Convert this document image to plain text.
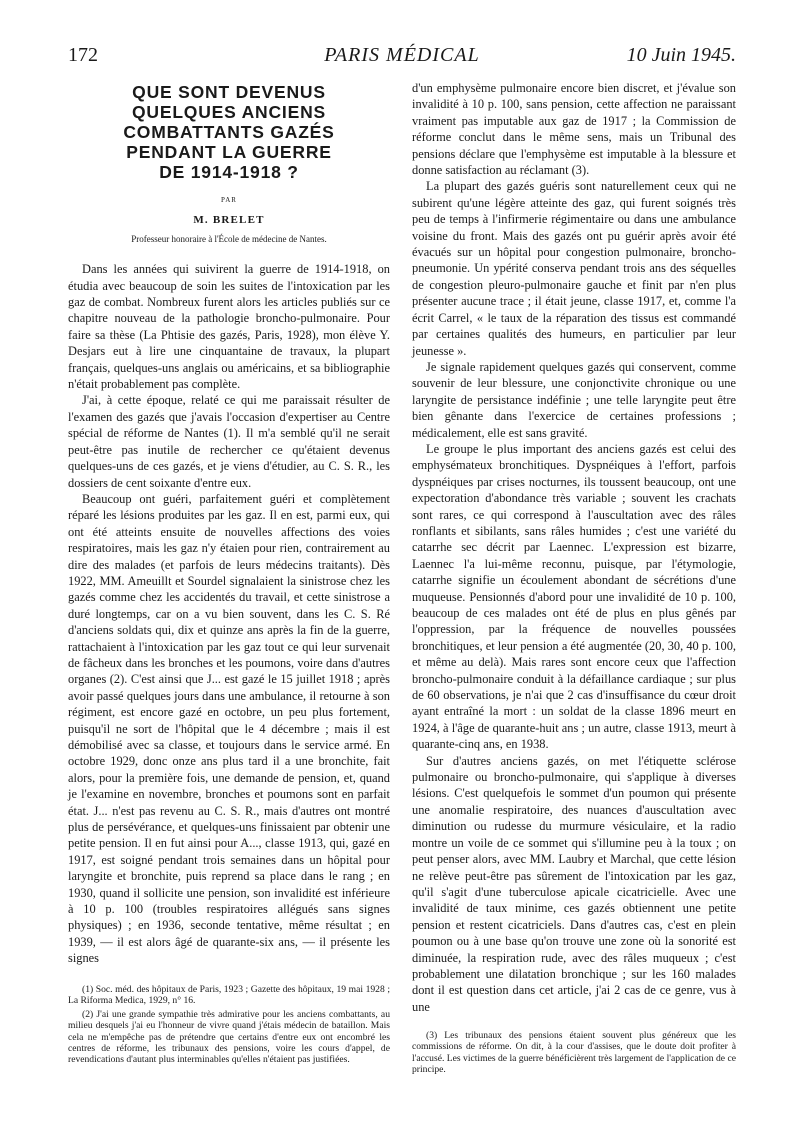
172	PARIS MÉDICAL	10 Juin 1945.
QUE SONT DEVENUS
QUELQUES ANCIENS
COMBATTANTS GAZÉS
PENDANT LA GUERRE
DE 1914-1918 ?
PAR
M. BRELET
Professeur honoraire à l'École de médecine de Nantes.

Dans les années qui suivirent la guerre de 1914-1918, on étudia avec beaucoup de soin les suites de l'intoxication par les gaz de combat. Nombreux furent alors les articles publiés sur ce chapitre nouveau de la pathologie broncho-pulmonaire. Pour faire sa thèse (La Phtisie des gazés, Paris, 1928), mon élève Y. Desjars eut à lire une cinquantaine de travaux, la plupart français, quelques-uns anglais ou américains, et sa bibliographie n'était probablement pas complète.

J'ai, à cette époque, relaté ce qui me paraissait résulter de l'examen des gazés que j'avais l'occasion d'expertiser au Centre spécial de réforme de Nantes (1). Il m'a semblé qu'il ne serait peut-être pas inutile de rechercher ce qu'étaient devenus quelques-uns de ces gazés, et je viens d'étudier, au C. S. R., les dossiers de cent soixante d'entre eux.

Beaucoup ont guéri, parfaitement guéri et complètement réparé les lésions produites par les gaz. Il en est, parmi eux, qui ont été atteints ensuite de nouvelles affections des voies respiratoires, mais les gaz n'y étaien pour rien, contrairement au dire des malades (et parfois de leurs médecins traitants). Dès 1922, MM. Ameuillt et Sourdel signalaient la sinistrose chez les gazés comme chez les accidentés du travail, et cette sinistrose a duré longtemps, car on a vu bien souvent, dans les C. S. Ré d'anciens soldats qui, dix et quinze ans après la fin de la guerre, rattachaient à l'intoxication par les gaz tout ce qui leur survenait de fâcheux dans les bronches et les poumons, voire dans d'autres organes (2). C'est ainsi que J... est gazé le 15 juillet 1918 ; après avoir passé quelques jours dans une ambulance, il retourne à son régiment, est encore gazé en octobre, un peu plus fortement, puisqu'il ne sort de l'hôpital que le 4 décembre ; mais il est démobilisé avec sa classe, et toujours dans le service armé. En octobre 1929, donc onze ans plus tard il a une bronchite, fait alors, pour la première fois, une demande de pension, et, quand je l'examine en novembre, bronches et poumons sont en parfait état. J... n'est pas revenu au C. S. R., mais d'autres ont montré plus de persévérance, et quelques-uns finissaient par obtenir une petite pension. Il en fut ainsi pour A..., classe 1913, qui, gazé en 1917, est soigné pendant trois semaines dans un hôpital pour laryngite et bronchite, puis reprend sa place dans le rang ; en 1930, quand il sollicite une pension, son invalidité est inférieure à 10 p. 100 (troubles respiratoires allégués sans signes physiques) ; en 1936, seconde tentative, même résultat ; en 1939, — il est alors âgé de quarante-six ans, — il présente les signes

(1) Soc. méd. des hôpitaux de Paris, 1923 ; Gazette des hôpitaux, 19 mai 1928 ; La Riforma Medica, 1929, n° 16.

(2) J'ai une grande sympathie très admirative pour les anciens combattants, au milieu desquels j'ai eu l'honneur de vivre quand j'étais médecin de bataillon. Mais cela ne m'empêche pas de prétendre que certains d'entre eux ont encombré les centres de réforme, les tribunaux des pensions, voire les cours d'appel, de revendications d'autant plus interminables qu'elles n'étaient pas justifiées.

d'un emphysème pulmonaire encore bien discret, et j'évalue son invalidité à 10 p. 100, sans pension, cette affection ne paraissant vraiment pas imputable aux gaz de 1917 ; la Commission de réforme conclut dans le même sens, mais un Tribunal des pensions déclare que l'emphysème est imputable à la blessure et donne satisfaction au réclamant (3).

La plupart des gazés guéris sont naturellement ceux qui ne subirent qu'une légère atteinte des gaz, qui furent soignés très peu de temps à l'infirmerie régimentaire ou dans une ambulance voisine du front. Mais des gazés ont pu guérir après avoir été évacués sur un hôpital pour congestion pulmonaire, broncho-pneumonie. Un ypérité conserva pendant trois ans des séquelles de congestion pleuro-pulmonaire gauche et finit par n'en plus présenter aucune trace ; il était jeune, classe 1917, et, comme l'a écrit Carrel, « le taux de la réparation des tissus est commandé par certaines qualités des humeurs, en particulier par leur jeunesse ».

Je signale rapidement quelques gazés qui conservent, comme souvenir de leur blessure, une conjonctivite chronique ou une laryngite de persistance indéfinie ; une telle laryngite peut être bien gênante dans l'exercice de certaines professions ; médicalement, elle est sans gravité.

Le groupe le plus important des anciens gazés est celui des emphysémateux bronchitiques. Dyspnéiques à l'effort, parfois dyspnéiques par crises nocturnes, ils toussent beaucoup, ont une expectoration d'abondance très variable ; souvent les crachats sont rares, ce qui correspond à l'auscultation avec des râles ronflants et sibilants, sans râles humides ; c'est une variété du catarrhe sec décrit par Laennec. L'expression est bizarre, Laennec l'a lui-même reconnu, puisque, par l'étymologie, catarrhe signifie un écoulement abondant de sécrétions d'une muqueuse. Pensionnés d'abord pour une invalidité de 10 p. 100, beaucoup de ces malades ont été de plus en plus gênés par l'oppression, par la fréquence de nouvelles poussées bronchitiques, et leur pension a été augmentée (20, 30, 40 p. 100, et même au delà). Mais rares sont encore ceux que l'affection broncho-pulmonaire conduit à la défaillance cardiaque ; sur plus de 60 observations, je n'ai que 2 cas d'insuffisance du cœur droit ayant entraîné la mort : un soldat de la classe 1896 meurt en 1924, à l'âge de quarante-huit ans ; un autre, classe 1913, meurt à quarante-cinq ans, en 1938.

Sur d'autres anciens gazés, on met l'étiquette sclérose pulmonaire ou broncho-pulmonaire, qui s'applique à diverses lésions. C'est quelquefois le sommet d'un poumon qui présente une anomalie respiratoire, des nuances d'auscultation avec diminution ou rudesse du murmure vésiculaire, et la radio montre un voile de ce sommet qui s'illumine peu à la toux ; on peut penser alors, avec MM. Laubry et Marchal, que cette lésion ne relève peut-être pas sûrement de l'intoxication par les gaz, qu'il s'agit d'une tuberculose apicale cicatricielle. Avec une invalidité de taux minime, ces gazés obtiennent une petite pension et restent cicatriciels. Dans d'autres cas, c'est en plein poumon ou à une base qu'on trouve une zone où la sonorité est diminuée, la respiration rude, avec des râles muqueux ; c'est probablement une dilatation bronchique ; sur les 160 malades dont il est question dans cet article, j'ai 2 cas de ce genre, vus à une

(3) Les tribunaux des pensions étaient souvent plus généreux que les commissions de réforme. On dit, à la cour d'assises, que le doute doit profiter à l'accusé. Les victimes de la guerre bénéficièrent très largement de l'application de ce principe.
